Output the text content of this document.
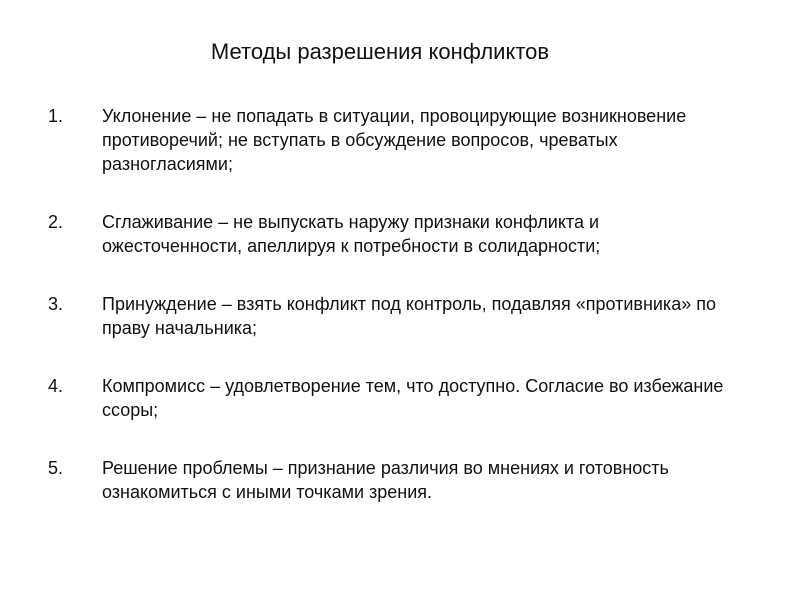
Методы разрешения конфликтов
1. Уклонение – не попадать в ситуации, провоцирующие возникновение противоречий; не вступать в обсуждение вопросов, чреватых разногласиями;
2. Сглаживание – не выпускать наружу признаки конфликта и ожесточенности, апеллируя к потребности в солидарности;
3. Принуждение – взять конфликт под контроль, подавляя «противника» по праву начальника;
4. Компромисс – удовлетворение тем, что доступно. Согласие во избежание ссоры;
5. Решение проблемы – признание различия во мнениях и готовность ознакомиться с иными точками зрения.
